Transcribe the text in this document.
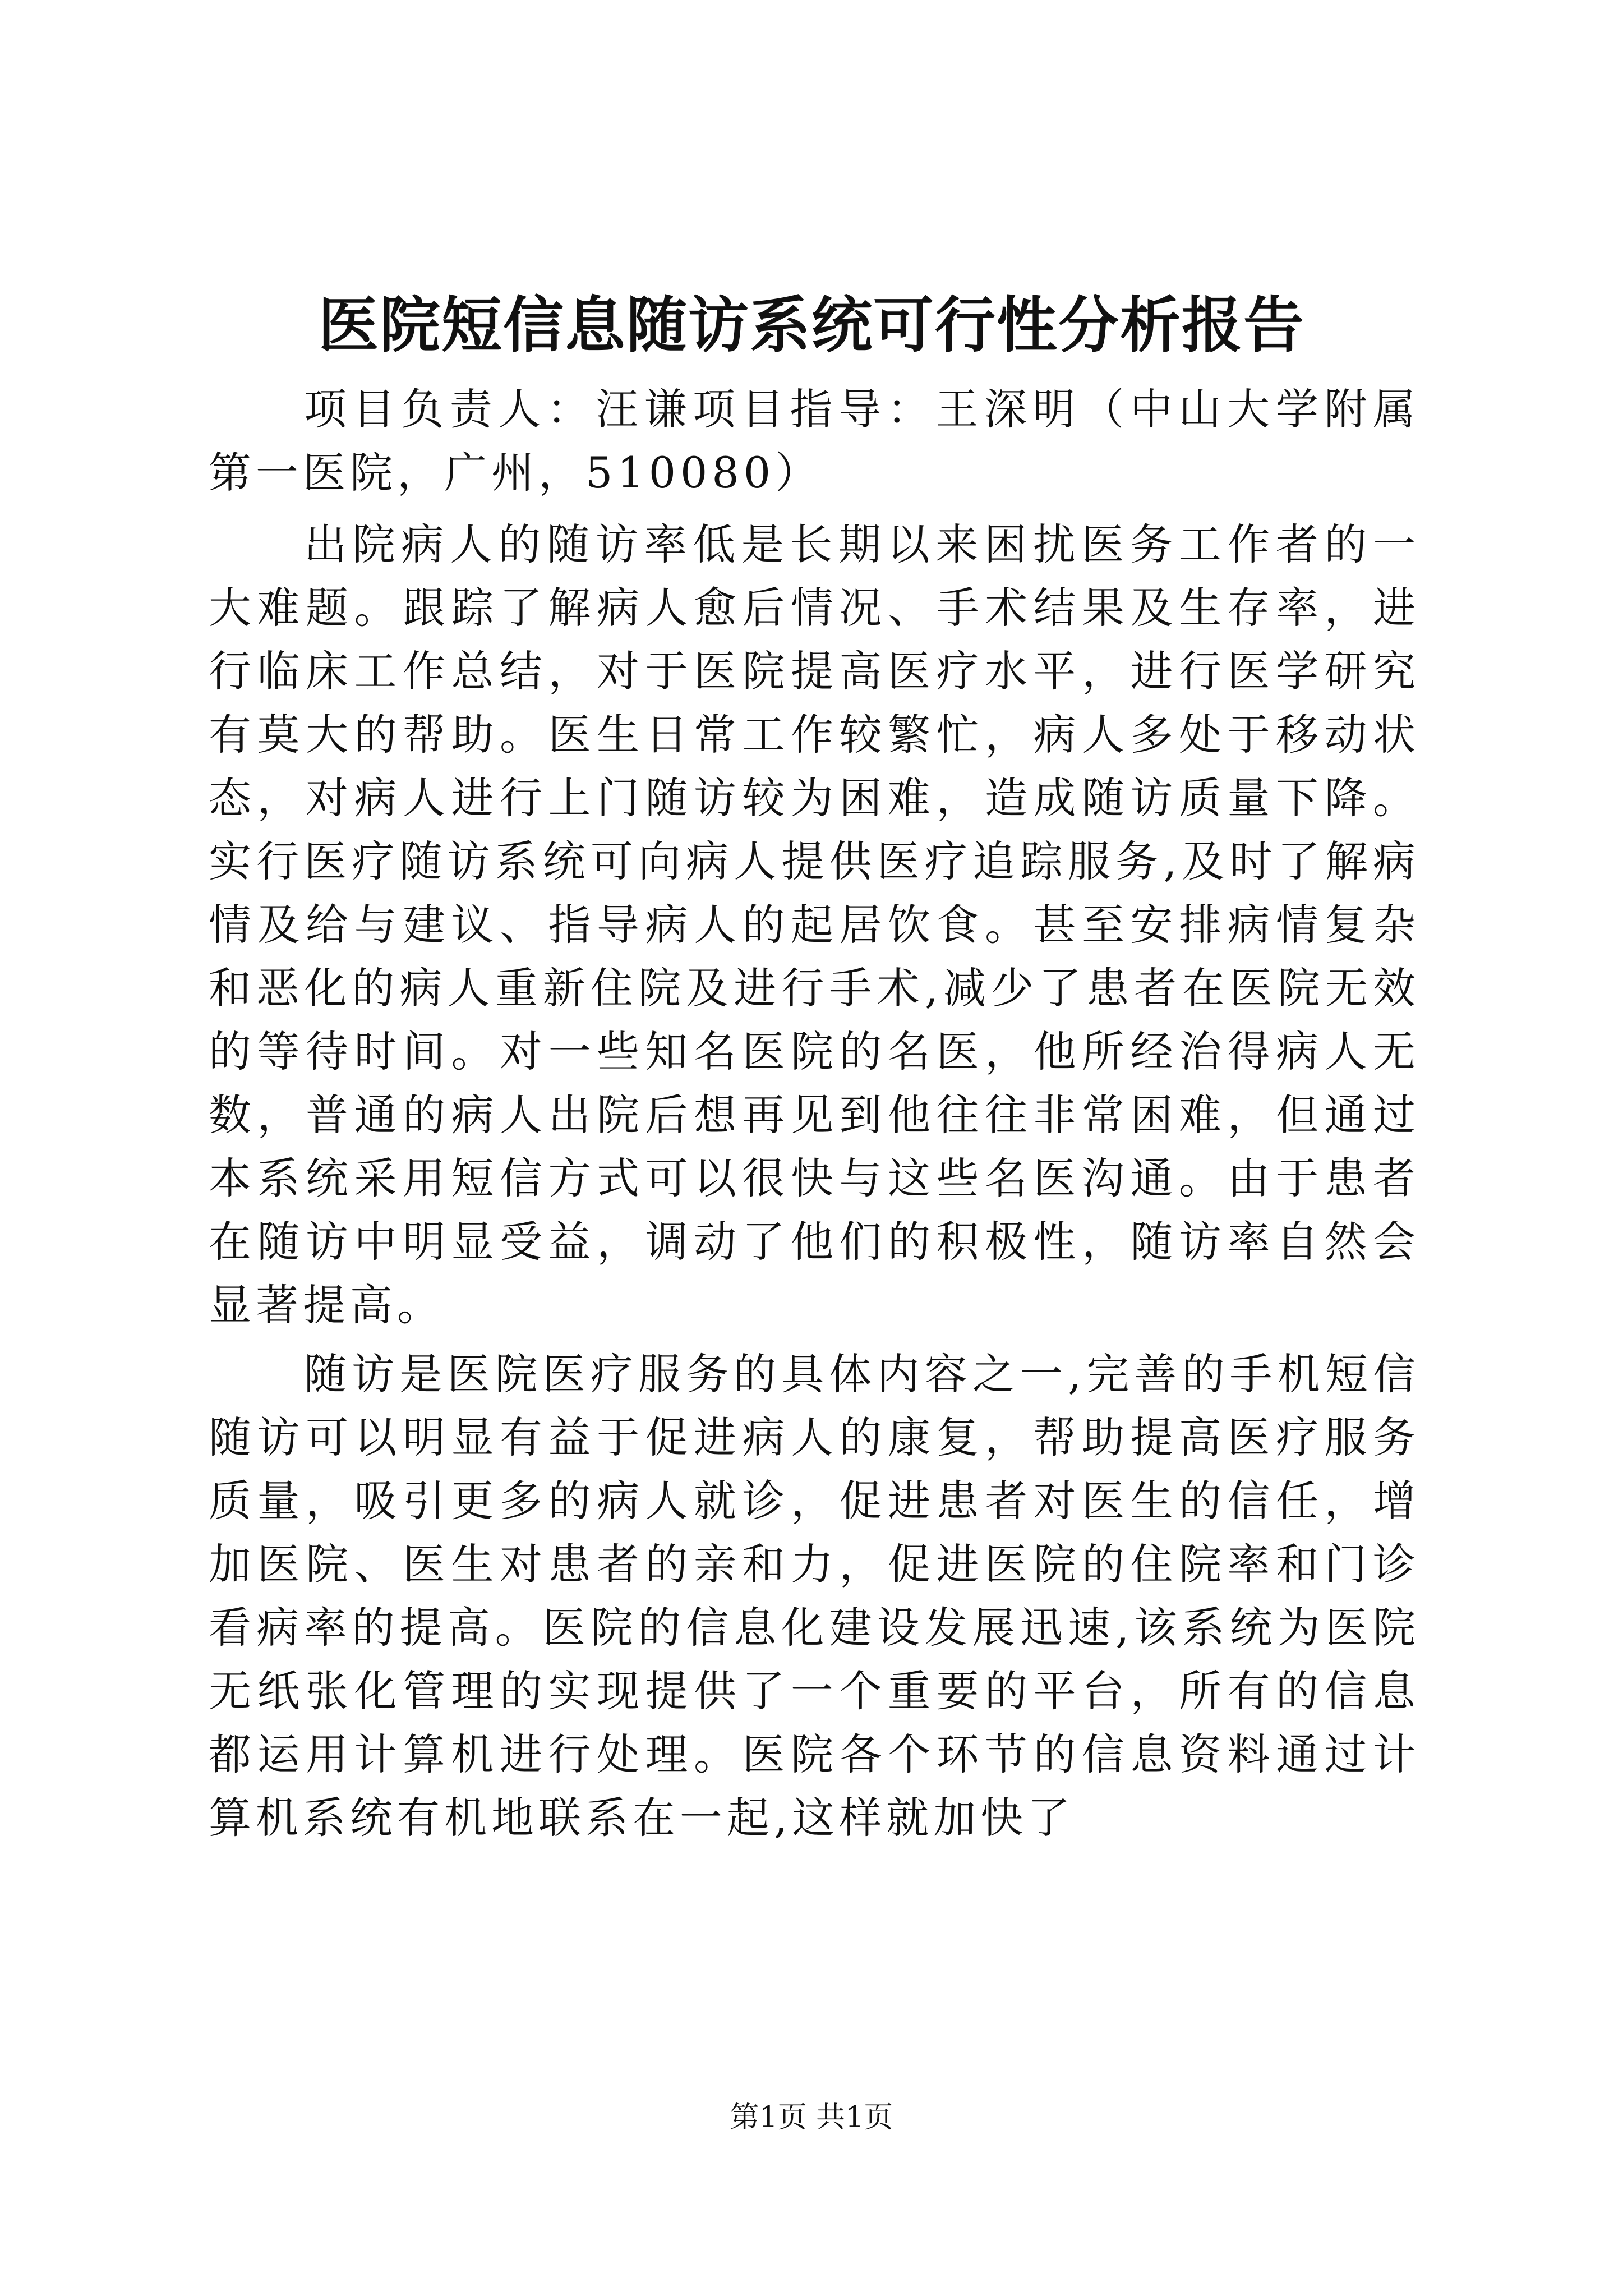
医院短信息随访系统可行性分析报告

项目负责人：汪谦项目指导：王深明（中山大学附属第一医院，广州，510080）

出院病人的随访率低是长期以来困扰医务工作者的一大难题。跟踪了解病人愈后情况、手术结果及生存率，进行临床工作总结，对于医院提高医疗水平，进行医学研究有莫大的帮助。医生日常工作较繁忙，病人多处于移动状态，对病人进行上门随访较为困难，造成随访质量下降。实行医疗随访系统可向病人提供医疗追踪服务,及时了解病情及给与建议、指导病人的起居饮食。甚至安排病情复杂和恶化的病人重新住院及进行手术,减少了患者在医院无效的等待时间。对一些知名医院的名医，他所经治得病人无数，普通的病人出院后想再见到他往往非常困难，但通过本系统采用短信方式可以很快与这些名医沟通。由于患者在随访中明显受益，调动了他们的积极性，随访率自然会显著提高。

随访是医院医疗服务的具体内容之一,完善的手机短信随访可以明显有益于促进病人的康复，帮助提高医疗服务质量，吸引更多的病人就诊，促进患者对医生的信任，增加医院、医生对患者的亲和力，促进医院的住院率和门诊看病率的提高。医院的信息化建设发展迅速,该系统为医院无纸张化管理的实现提供了一个重要的平台，所有的信息都运用计算机进行处理。医院各个环节的信息资料通过计算机系统有机地联系在一起,这样就加快了

第1页 共1页
